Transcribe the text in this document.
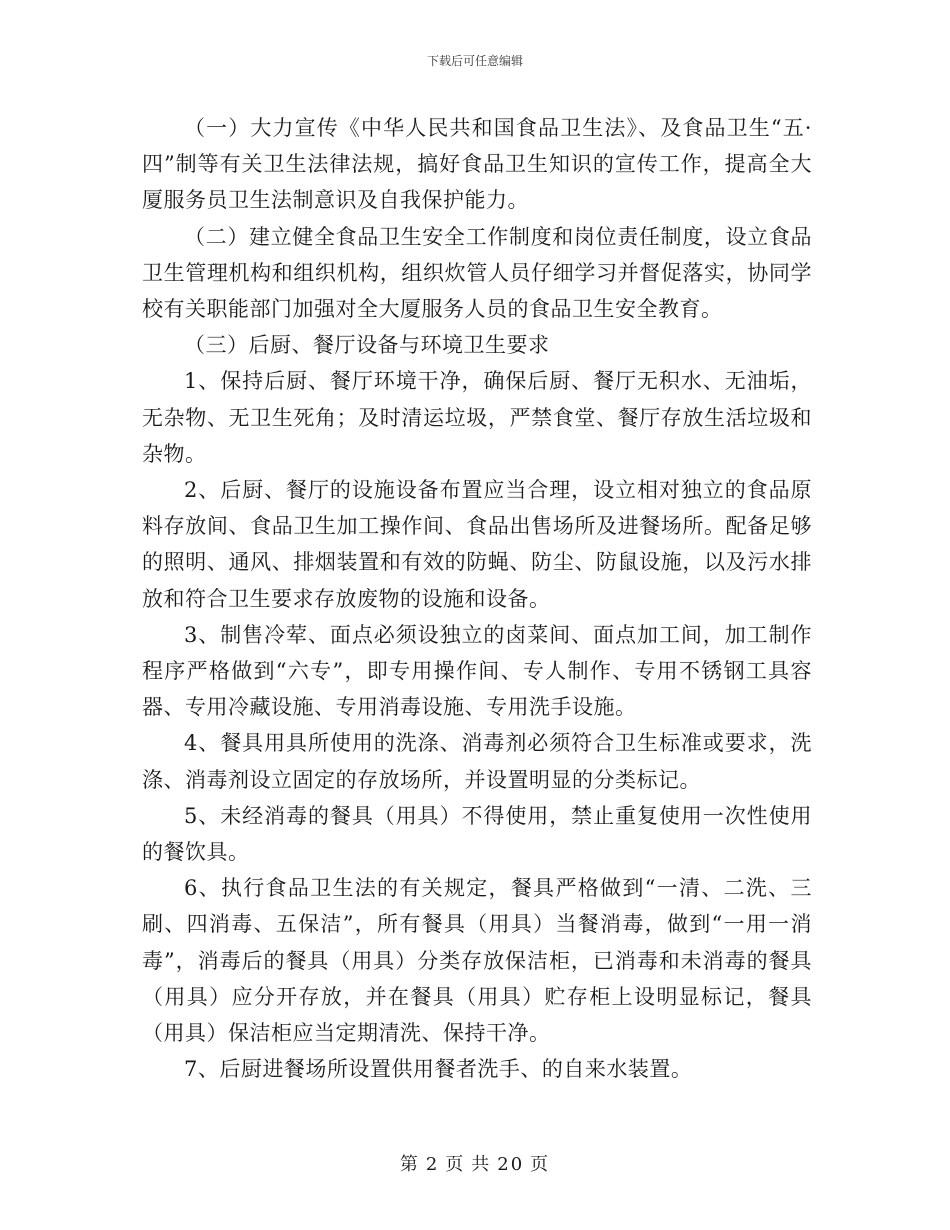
下载后可任意编辑

（一）大力宣传《中华人民共和国食品卫生法》、及食品卫生“五·四”制等有关卫生法律法规，搞好食品卫生知识的宣传工作，提高全大厦服务员卫生法制意识及自我保护能力。

（二）建立健全食品卫生安全工作制度和岗位责任制度，设立食品卫生管理机构和组织机构，组织炊管人员仔细学习并督促落实，协同学校有关职能部门加强对全大厦服务人员的食品卫生安全教育。

（三）后厨、餐厅设备与环境卫生要求

1、保持后厨、餐厅环境干净，确保后厨、餐厅无积水、无油垢，无杂物、无卫生死角；及时清运垃圾，严禁食堂、餐厅存放生活垃圾和杂物。

2、后厨、餐厅的设施设备布置应当合理，设立相对独立的食品原料存放间、食品卫生加工操作间、食品出售场所及进餐场所。配备足够的照明、通风、排烟装置和有效的防蝇、防尘、防鼠设施，以及污水排放和符合卫生要求存放废物的设施和设备。

3、制售冷荤、面点必须设独立的卤菜间、面点加工间，加工制作程序严格做到“六专”，即专用操作间、专人制作、专用不锈钢工具容器、专用冷藏设施、专用消毒设施、专用洗手设施。

4、餐具用具所使用的洗涤、消毒剂必须符合卫生标准或要求，洗涤、消毒剂设立固定的存放场所，并设置明显的分类标记。

5、未经消毒的餐具（用具）不得使用，禁止重复使用一次性使用的餐饮具。

6、执行食品卫生法的有关规定，餐具严格做到“一清、二洗、三刷、四消毒、五保洁”，所有餐具（用具）当餐消毒，做到“一用一消毒”，消毒后的餐具（用具）分类存放保洁柜，已消毒和未消毒的餐具（用具）应分开存放，并在餐具（用具）贮存柜上设明显标记，餐具（用具）保洁柜应当定期清洗、保持干净。

7、后厨进餐场所设置供用餐者洗手、的自来水装置。

第 2 页 共 20 页
